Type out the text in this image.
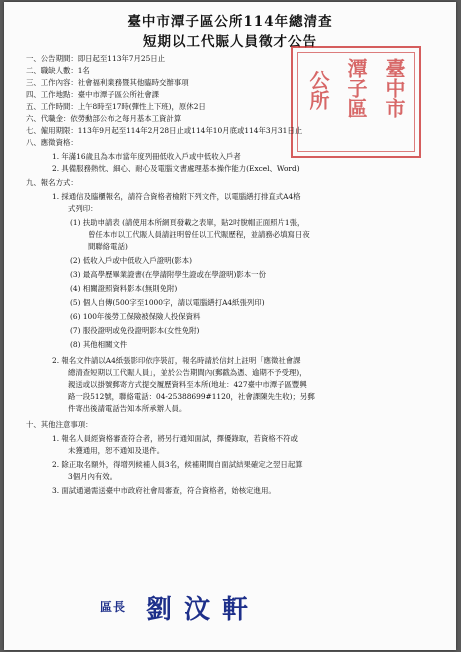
臺中市潭子區公所114年總清查
短期以工代賑人員徵才公告
臺中市
潭子區
公所
一、公告期間：即日起至113年7月25日止
二、職缺人數：1名
三、工作內容：社會福利業務暨其他臨時交辦事項
四、工作地點：臺中市潭子區公所社會課
五、工作時間：上午8時至17時(彈性上下班)，原休2日
六、代職金：依勞動部公布之每月基本工資計算
七、僱用期限：113年9月起至114年2月28日止或114年10月底或114年3月31日止
八、應徵資格：
1. 年滿16歲且為本市當年度列冊低收入戶或中低收入戶者
2. 具備服務熱忱、細心、耐心及電腦文書處理基本操作能力(Excel、Word)
九、報名方式：
1. 採通信及臨櫃報名，請符合資格者檢附下列文件，以電腦繕打排直式A4格
式列印：
(1) 扶助申請表 (請使用本所網頁發載之表單，貼2吋脫帽正面照片1張，
曾任本市以工代賑人員請註明曾任以工代賑歷程，並請務必填寫日夜
間聯絡電話)
(2) 低收入戶或中低收入戶證明(影本)
(3) 最高學歷畢業證書(在學請附學生證或在學證明)影本一份
(4) 相關證照資料影本(無則免附)
(5) 個人自傳(500字至1000字，請以電腦繕打A4紙張列印)
(6) 100年後勞工保險被保險人投保資料
(7) 服役證明或免役證明影本(女性免附)
(8) 其他相關文件
2. 報名文件請以A4紙張影印依序裝訂，報名時請於信封上註明「應徵社會課
總清查短期以工代賑人員」，並於公告期間內(郵戳為憑、逾期不予受理)，
親送或以掛號郵寄方式提交履歷資料至本所(地址：427臺中市潭子區豐興
路一段512號，聯絡電話：04-25388699#1120，社會課陳先生收)；另郵
件寄出後請電話告知本所承辦人員。
十、其他注意事項：
1. 報名人員經資格審查符合者，將另行通知面試，擇優錄取，若資格不符或
未獲通用，恕不通知及退件。
2. 除正取名額外，得增列候補人員3名，候補期間自面試結果確定之翌日起算
3個月內有效。
3. 面試通過需送臺中市政府社會局審查，符合資格者，始核定進用。
區長 劉汶軒
